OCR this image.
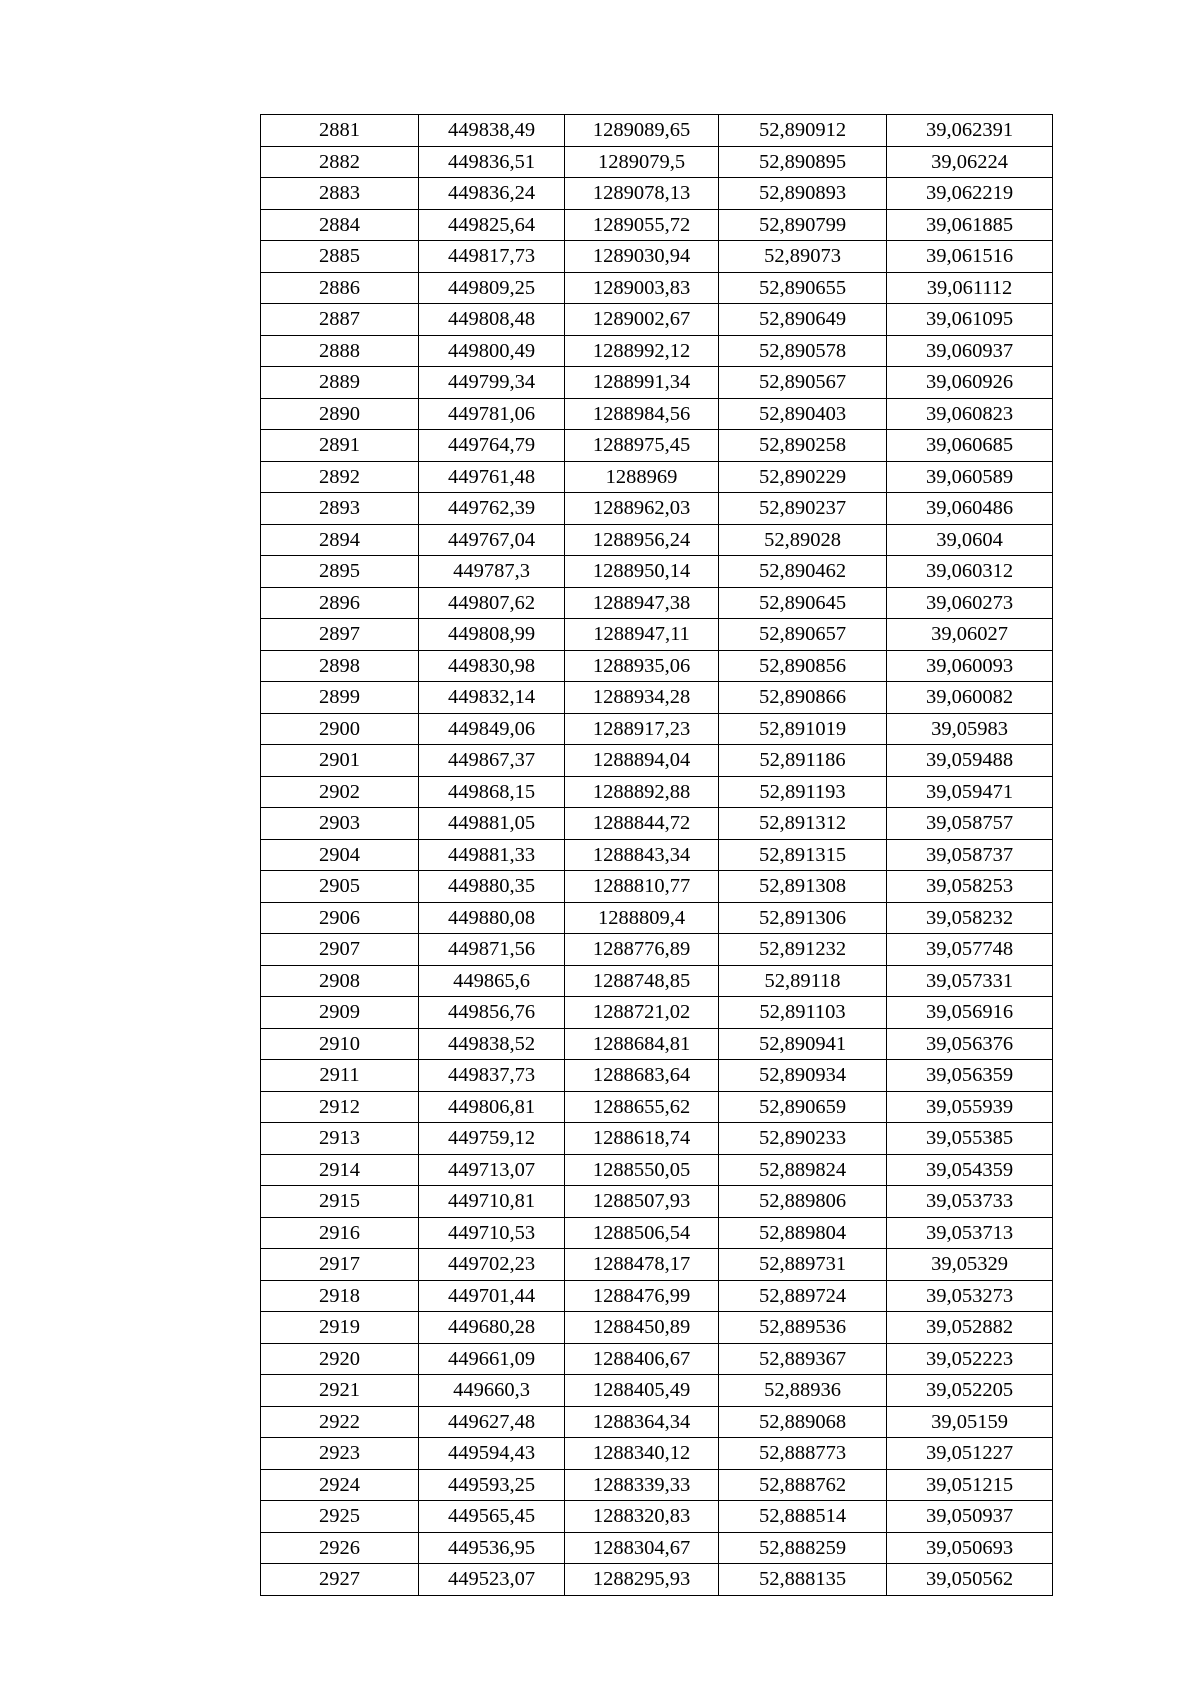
2881	449838,49	1289089,65	52,890912	39,062391
2882	449836,51	1289079,5	52,890895	39,06224
2883	449836,24	1289078,13	52,890893	39,062219
2884	449825,64	1289055,72	52,890799	39,061885
2885	449817,73	1289030,94	52,89073	39,061516
2886	449809,25	1289003,83	52,890655	39,061112
2887	449808,48	1289002,67	52,890649	39,061095
2888	449800,49	1288992,12	52,890578	39,060937
2889	449799,34	1288991,34	52,890567	39,060926
2890	449781,06	1288984,56	52,890403	39,060823
2891	449764,79	1288975,45	52,890258	39,060685
2892	449761,48	1288969	52,890229	39,060589
2893	449762,39	1288962,03	52,890237	39,060486
2894	449767,04	1288956,24	52,89028	39,0604
2895	449787,3	1288950,14	52,890462	39,060312
2896	449807,62	1288947,38	52,890645	39,060273
2897	449808,99	1288947,11	52,890657	39,06027
2898	449830,98	1288935,06	52,890856	39,060093
2899	449832,14	1288934,28	52,890866	39,060082
2900	449849,06	1288917,23	52,891019	39,05983
2901	449867,37	1288894,04	52,891186	39,059488
2902	449868,15	1288892,88	52,891193	39,059471
2903	449881,05	1288844,72	52,891312	39,058757
2904	449881,33	1288843,34	52,891315	39,058737
2905	449880,35	1288810,77	52,891308	39,058253
2906	449880,08	1288809,4	52,891306	39,058232
2907	449871,56	1288776,89	52,891232	39,057748
2908	449865,6	1288748,85	52,89118	39,057331
2909	449856,76	1288721,02	52,891103	39,056916
2910	449838,52	1288684,81	52,890941	39,056376
2911	449837,73	1288683,64	52,890934	39,056359
2912	449806,81	1288655,62	52,890659	39,055939
2913	449759,12	1288618,74	52,890233	39,055385
2914	449713,07	1288550,05	52,889824	39,054359
2915	449710,81	1288507,93	52,889806	39,053733
2916	449710,53	1288506,54	52,889804	39,053713
2917	449702,23	1288478,17	52,889731	39,05329
2918	449701,44	1288476,99	52,889724	39,053273
2919	449680,28	1288450,89	52,889536	39,052882
2920	449661,09	1288406,67	52,889367	39,052223
2921	449660,3	1288405,49	52,88936	39,052205
2922	449627,48	1288364,34	52,889068	39,05159
2923	449594,43	1288340,12	52,888773	39,051227
2924	449593,25	1288339,33	52,888762	39,051215
2925	449565,45	1288320,83	52,888514	39,050937
2926	449536,95	1288304,67	52,888259	39,050693
2927	449523,07	1288295,93	52,888135	39,050562
